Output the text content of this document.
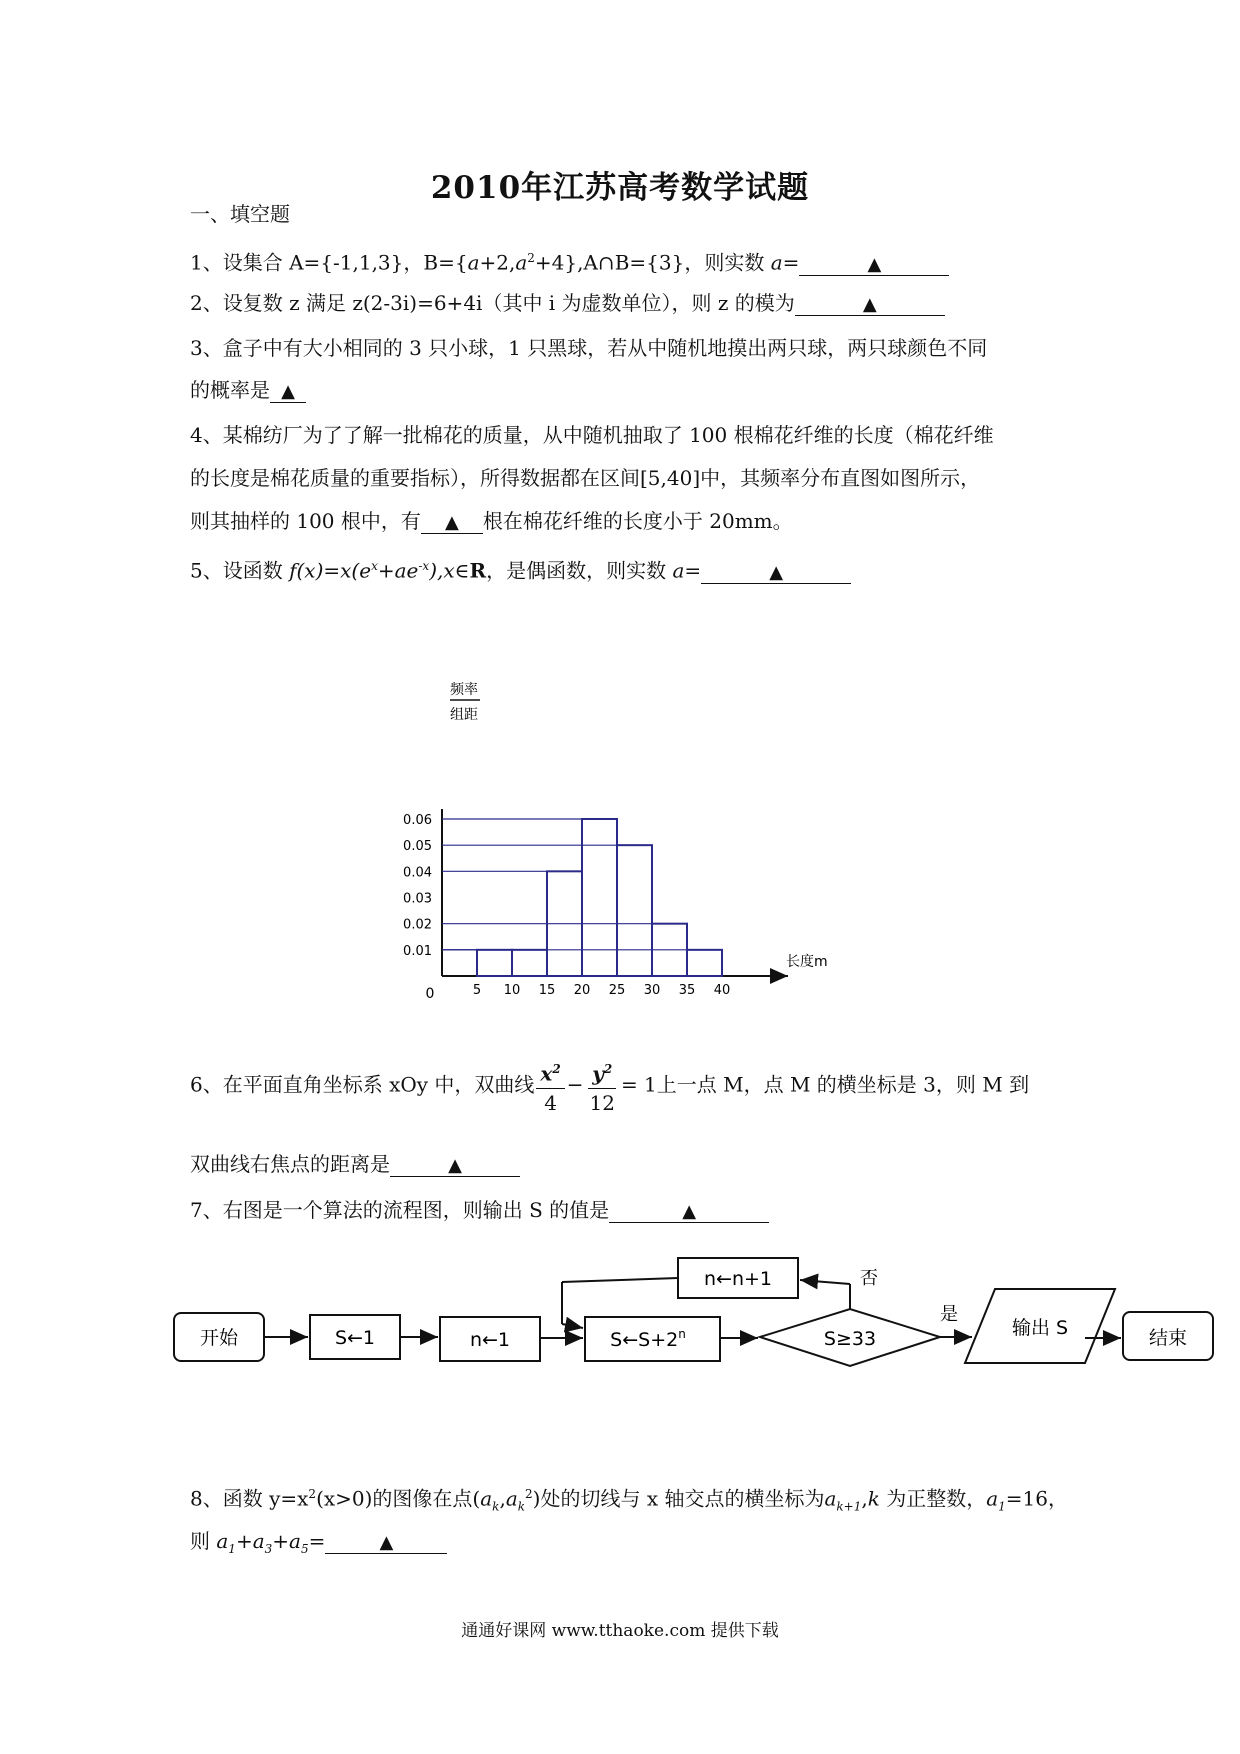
2010年江苏高考数学试题
一、填空题
1、设集合 A={-1,1,3}，$B=\{a+2,a^2+4\},A\cap B=\{3\}$，则实数 a=	▲
2、设复数 z 满足 z(2-3i)=6+4i（其中 i 为虚数单位），则 z 的模为	▲
3、盒子中有大小相同的 3 只小球，1 只黑球，若从中随机地摸出两只球，两只球颜色不同
的概率是 ▲
4、某棉纺厂为了了解一批棉花的质量，从中随机抽取了 100 根棉花纤维的长度（棉花纤维
的长度是棉花质量的重要指标），所得数据都在区间[5,40]中，其频率分布直图如图所示，
则其抽样的 100 根中，有 ▲ 根在棉花纤维的长度小于 20mm。
5、设函数 $f(x)=x(e^x+ae^{-x}),x\in R$，是偶函数，则实数 a=	▲
0.01
0.02
0.03
0.04
0.05
0.06
5 10 15 20 25 30 35 40
频率
组距
长度m
0
6、在平面直角坐标系 xOy 中，双曲线 $\frac{x^2}{4} - \frac{y^2}{12} = 1$上一点 M，点 M 的横坐标是 3，则 M 到
双曲线右焦点的距离是	▲
7、右图是一个算法的流程图，则输出 S 的值是	▲
开始	S←1	n←1	$S\leftarrow S+2^n$	S≥33	输出 S	结束
n←n+1
是
否
8、函数 $y=x^2(x>0)$的图像在点$(a_k,a_k^2)$处的切线与 x 轴交点的横坐标为$a_{k+1},k$ 为正整数，$a_1=16$，
则 $a_1+a_3+a_5=$	▲
通通好课网 www.tthaoke.com 提供下载
